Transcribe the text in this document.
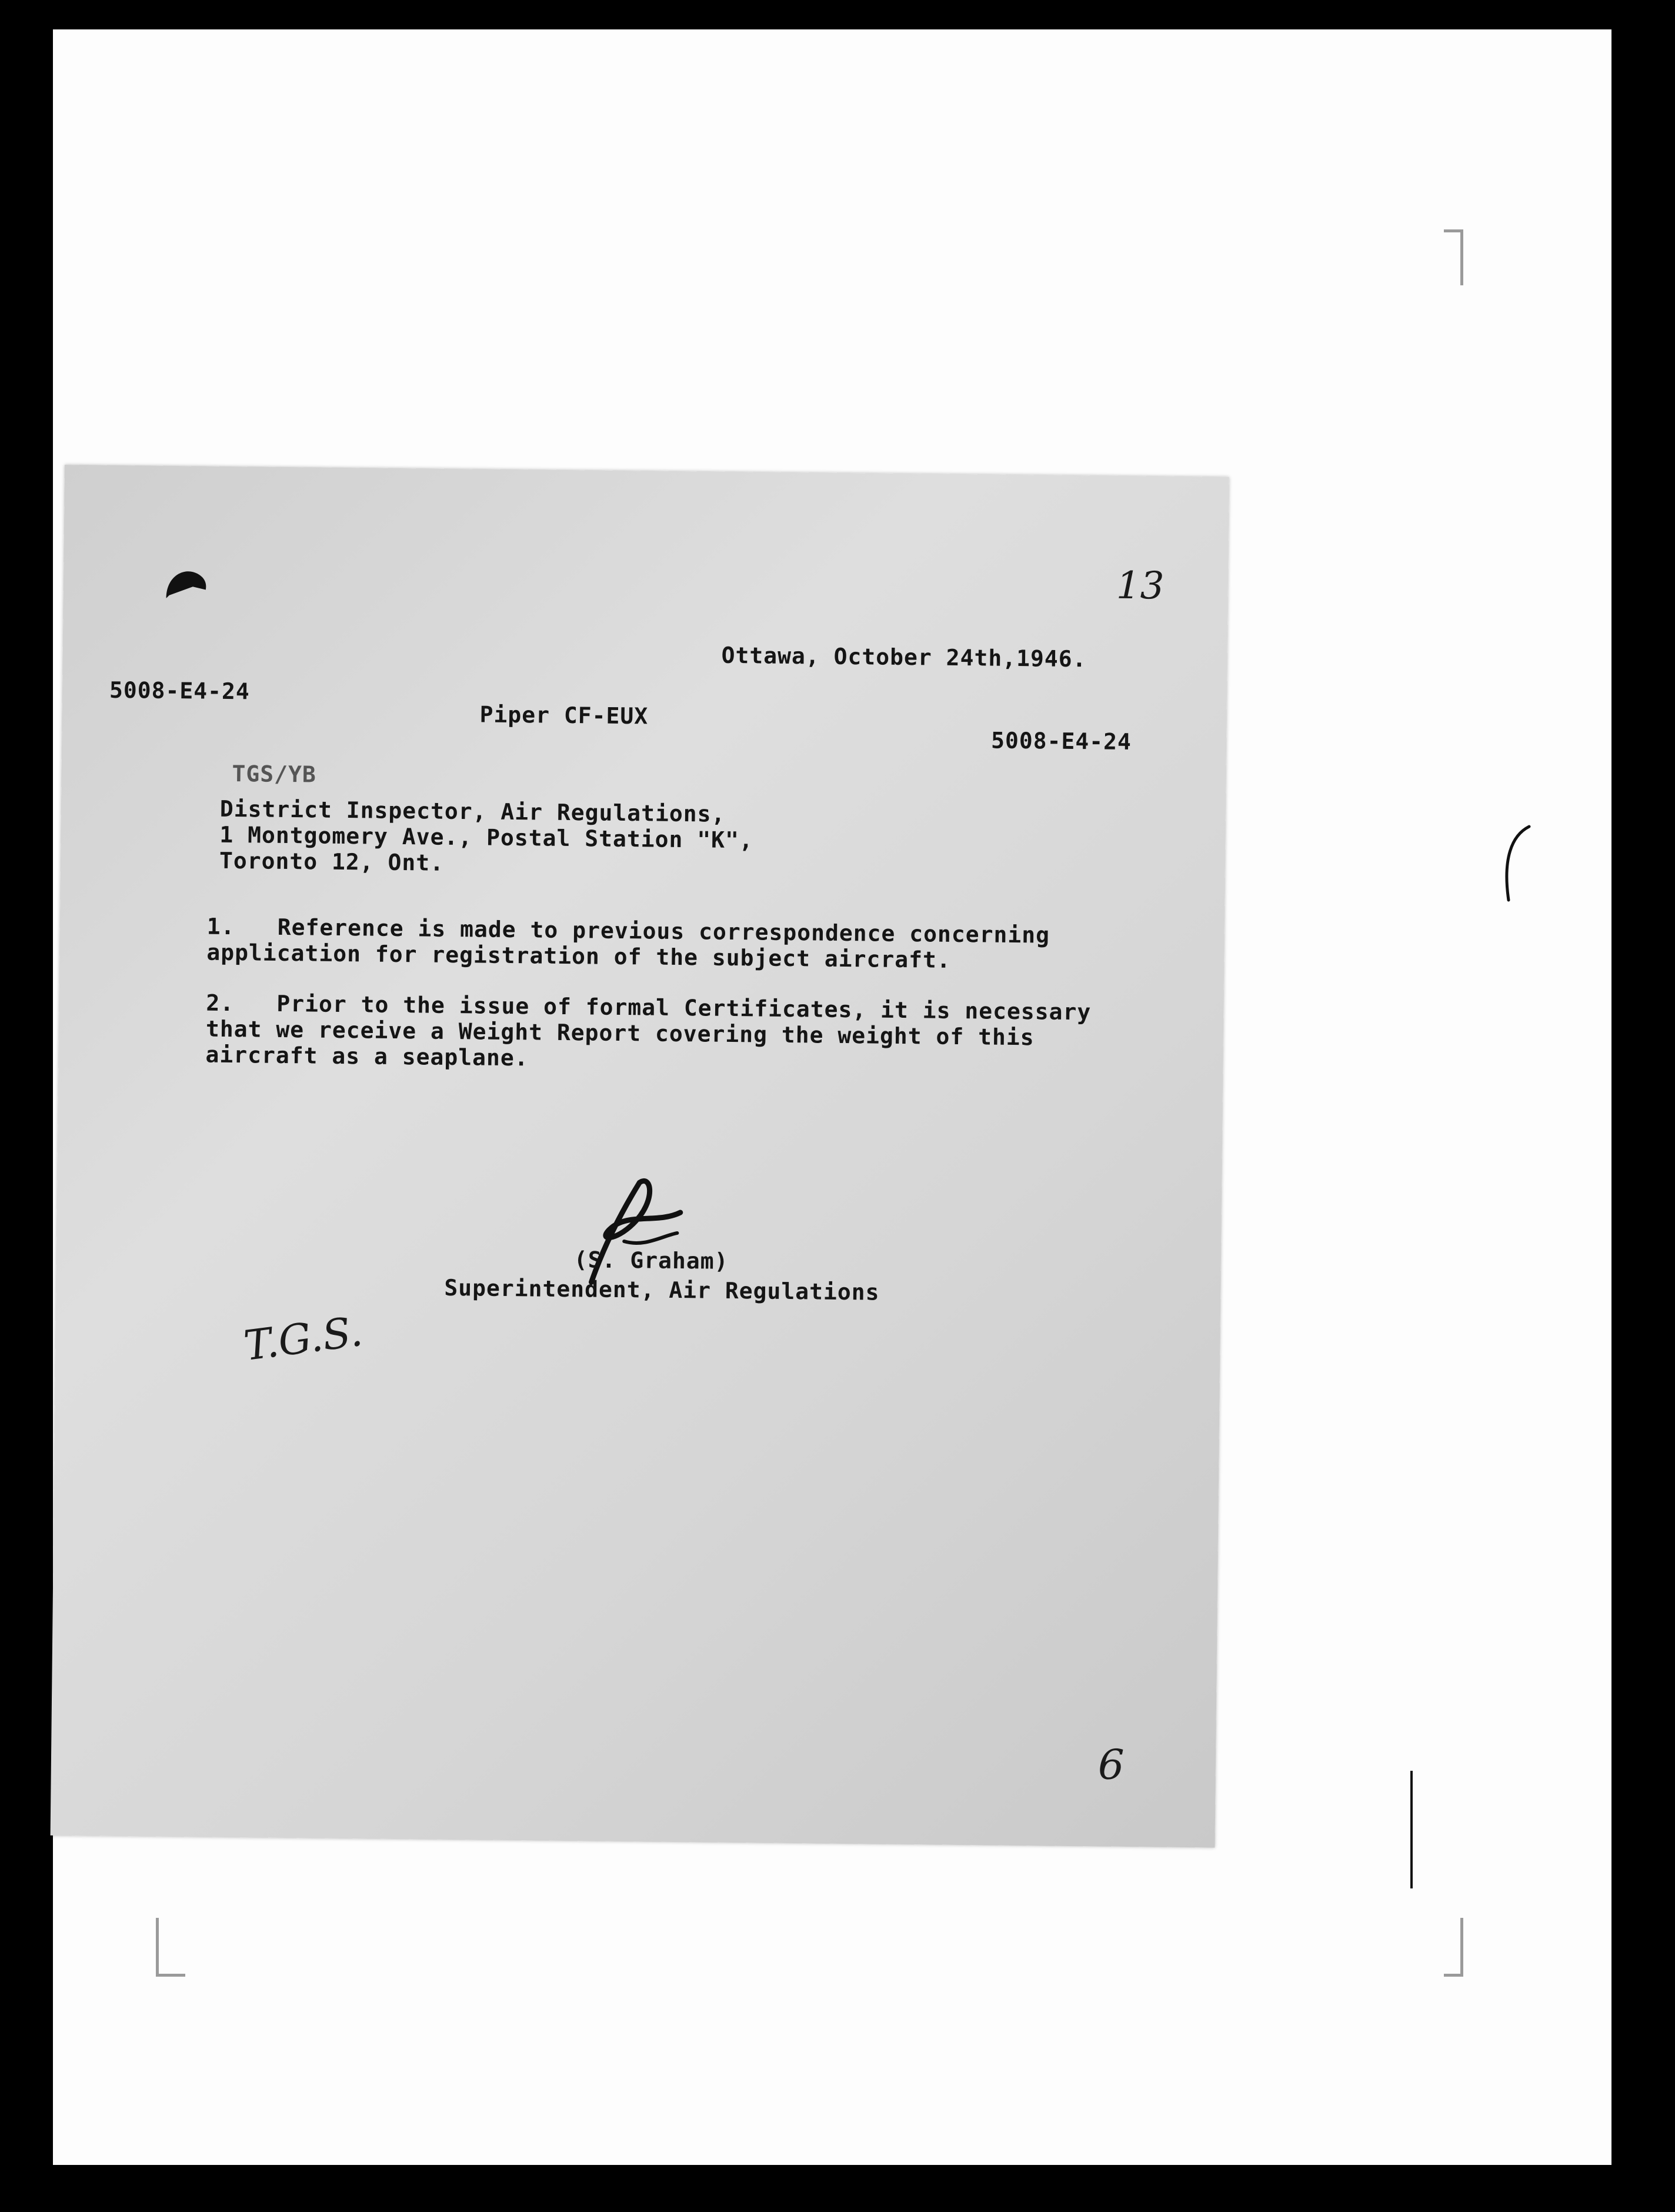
Ottawa, October 24th,1946.
5008-E4-24
Piper CF-EUX
5008-E4-24
TGS/YB
District Inspector, Air Regulations,
1 Montgomery Ave., Postal Station "K",
Toronto 12, Ont.
1. Reference is made to previous correspondence concerning
application for registration of the subject aircraft.
2. Prior to the issue of formal Certificates, it is necessary
that we receive a Weight Report covering the weight of this
aircraft as a seaplane.
(S. Graham)
Superintendent, Air Regulations
13
T.G.S.
6
